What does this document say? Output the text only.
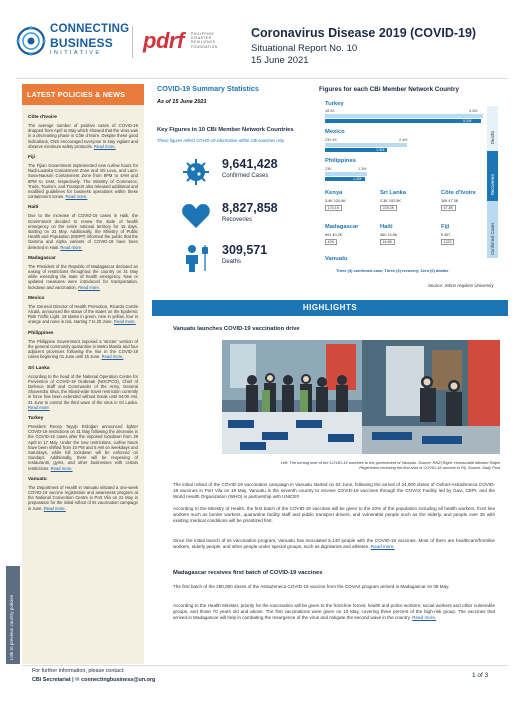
CONNECTING
BUSINESS
INITIATIVE	pdrf PHILIPPINE DISASTER RESILIENCE FOUNDATION
Coronavirus Disease 2019 (COVID-19)
Situational Report No. 10
15 June 2021
LATEST POLICIES & NEWS
Côte d'Ivoire
The average number of positive cases of COVID-19 dropped from April to May which showed that the virus was in a decreasing phase in Côte d'Ivoire. Despite these good indications, CNS encouraged everyone to stay vigilant and observe minimum safety protocols. Read more.
Fiji
The Fijian Government implemented new curfew hours for Nadi-Lautoka Containment Zone and Viti Levu, and Lami-Suva-Nausori Containment Zone from 8PM to 4AM and 6PM to 4AM, respectively. The Ministry of Commerce, Trade, Tourism, and Transport also released additional and modified guidelines for business operations within these containment zones. Read more.
Haiti
Due to the increase of COVID-19 cases in Haiti, the Government decided to renew the state of health emergency on the entire national territory for 15 days, starting on 31 May. Additionally, the Ministry of Public Health and Population (MSPP) informed the public that the Gamma and Alpha variants of COVID-19 have been detected in Haiti. Read more.
Madagascar
The President of the Republic of Madagascar declared an easing of restrictions throughout the country on 31 May while extending the state of health emergency. New or updated measures were introduced for transportation, lockdown and vaccination. Read more.
Mexico
The General Director of Health Promotion, Ricardo Cortés Alcalá, announced the status of the states on the Epidemic Risk Traffic Light. 19 states in green, nine in yellow, four in orange and none in red, starting 7 to 20 June. Read more.
Philippines
The Philippine Government imposed a 'stricter' version of the general community quarantine in Metro Manila and four adjacent provinces following the rise in the COVID-19 cases beginning 01 June until 15 June. Read more.
Sri Lanka
According to the head of the National Operation Centre for Prevention of COVID-19 Outbreak (NOCPCO), Chief of Defence Staff and Commander of the Army, General Shavendra Silva, the island-wide travel restriction currently in force has been extended without break until 04:00 AM, 21 June to control the third wave of the virus in Sri Lanka. Read more.
Turkey
President Recep Tayyip Erdoğan announced lighter COVID-19 restrictions on 31 May following the decrease in the COVID-19 cases after the imposed lockdown from 29 April to 17 May. Under the new restrictions, curfew hours have been shifted from 10 PM and 5 AM on weekdays and Saturdays, while full lockdown will be enforced on Sundays. Additionally, there will be reopening of restaurants, gyms, and other businesses with certain restrictions. Read more.
Vanuatu
The Department of Health in Vanuatu initiated a one-week COVID-19 vaccine registration and awareness program at the National Convention Centre in Port Vila on 21 May in preparation for the initial rollout of its vaccination campaign in June. Read more.
Link to previous country policies
COVID-19 Summary Statistics
As of 15 June 2021
Key Figures in 10 CBi Member Network Countries
These figures reflect COVID-19 information within CBi countries only.
9,641,428
Confirmed Cases
8,827,858
Recoveries
309,571
Deaths
Figures for each CBi Member Network Country
Turkey
48.9K	5.3M
5.2M
Mexico
230.4K	2.4M
1.9M
Philippines
23K	1.3M
1.2M
Kenya
3.4K 120.6K
176.1K
Sri Lanka
2.3K 192.5K
228.3K
Côte d'Ivoire
306 47.3K
47.8K
Madagascar
891 40.2K
42K
Haiti
360 13.6K
16.8K
Fiji
5 367
1322
Vanuatu
Deaths
Recoveries
Confirmed Cases
Three (3) confirmed case; Three (3) recovery; Zero (0) deaths
Source: Johns Hopkins University
HIGHLIGHTS
Vanuatu launches COVID-19 vaccination drive
Left: The turning over of the COVID-19 vaccines to the government of Vanuatu. Source: RNZ| Right: Honourable Minister Ralph Regenvanu receiving the first shot of COVID-19 vaccine in Fiji. Source: Daily Post
The initial rollout of the COVID-19 vaccination campaign in Vanuatu started on 02 June, following the arrival of 24,000 doses of Oxford-AstraZeneca COVID-19 vaccines in Port Vila on 19 May. Vanuatu is the seventh country to receive COVID-19 vaccines through the COVAX Facility led by Gavi, CEPI, and the World Health Organization (WHO) in partnership with UNICEF.
According to the Ministry of Health, the first batch of the COVID-19 vaccines will be given to the 20% of the population including all health workers, front line workers such as border workers, quarantine facility staff and public transport drivers, and vulnerable people such as the elderly, and people over 35 with existing medical conditions will be prioritized first.
Since the initial launch of its vaccination program, Vanuatu has inoculated 5,140 people with the COVID-19 vaccines. Most of them are healthcare/frontline workers, elderly people, and other people under special groups, such as dignitaries and athletes. Read more.
Madagascar receives first batch of COVID-19 vaccines
The first batch of the 250,000 doses of the AstraZeneca COVID-19 vaccine from the COVAX program arrived in Madagascar on 08 May.
According to the Health Minister, priority for the vaccination will be given to the front-line forces; health and police workers, social workers and other vulnerable groups, and those 70 years old and above. The first vaccinations were given on 10 May, covering three percent of the high-risk group. The vaccines that arrived in Madagascar will help in combating the resurgence of the virus and mitigate the second wave in the country. Read more.
For further information, please contact:
CBi Secretariat | ✉ connectingbusiness@un.org
1 of 3
